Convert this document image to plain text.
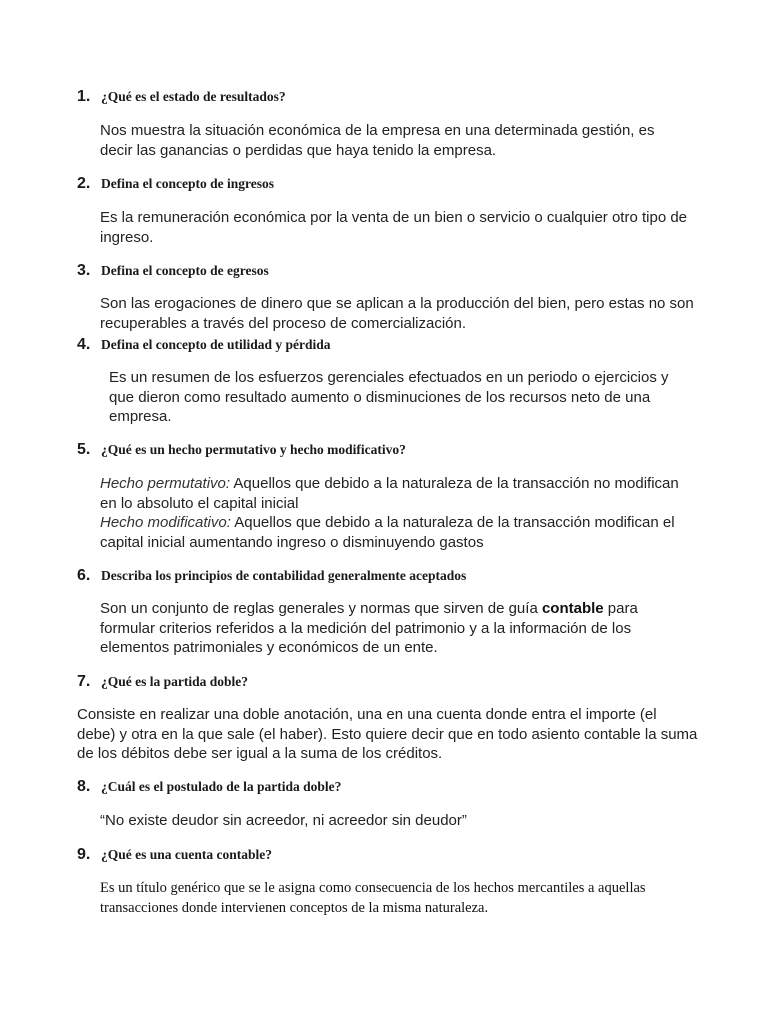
1. ¿Qué es el estado de resultados?

Nos muestra la situación económica de la empresa en una determinada gestión, es decir las ganancias o perdidas que haya tenido la empresa.

2. Defina el concepto de ingresos

Es la remuneración económica por la venta de un bien o servicio o cualquier otro tipo de ingreso.

3. Defina el concepto de egresos

Son las erogaciones de dinero que se aplican a la producción del bien, pero estas no son recuperables a través del proceso de comercialización.

4. Defina el concepto de utilidad y pérdida

Es un resumen de los esfuerzos gerenciales efectuados en un periodo o ejercicios y que dieron como resultado aumento o disminuciones de los recursos neto de una empresa.

5. ¿Qué es un hecho permutativo y hecho modificativo?

Hecho permutativo: Aquellos que debido a la naturaleza de la transacción no modifican en lo absoluto el capital inicial

Hecho modificativo: Aquellos que debido a la naturaleza de la transacción modifican el capital inicial aumentando ingreso o disminuyendo gastos

6. Describa los principios de contabilidad generalmente aceptados

Son un conjunto de reglas generales y normas que sirven de guía contable para formular criterios referidos a la medición del patrimonio y a la información de los elementos patrimoniales y económicos de un ente.

7. ¿Qué es la partida doble?

Consiste en realizar una doble anotación, una en una cuenta donde entra el importe (el debe) y otra en la que sale (el haber). Esto quiere decir que en todo asiento contable la suma de los débitos debe ser igual a la suma de los créditos.

8. ¿Cuál es el postulado de la partida doble?

“No existe deudor sin acreedor, ni acreedor sin deudor”

9. ¿Qué es una cuenta contable?

Es un título genérico que se le asigna como consecuencia de los hechos mercantiles a aquellas transacciones donde intervienen conceptos de la misma naturaleza.
